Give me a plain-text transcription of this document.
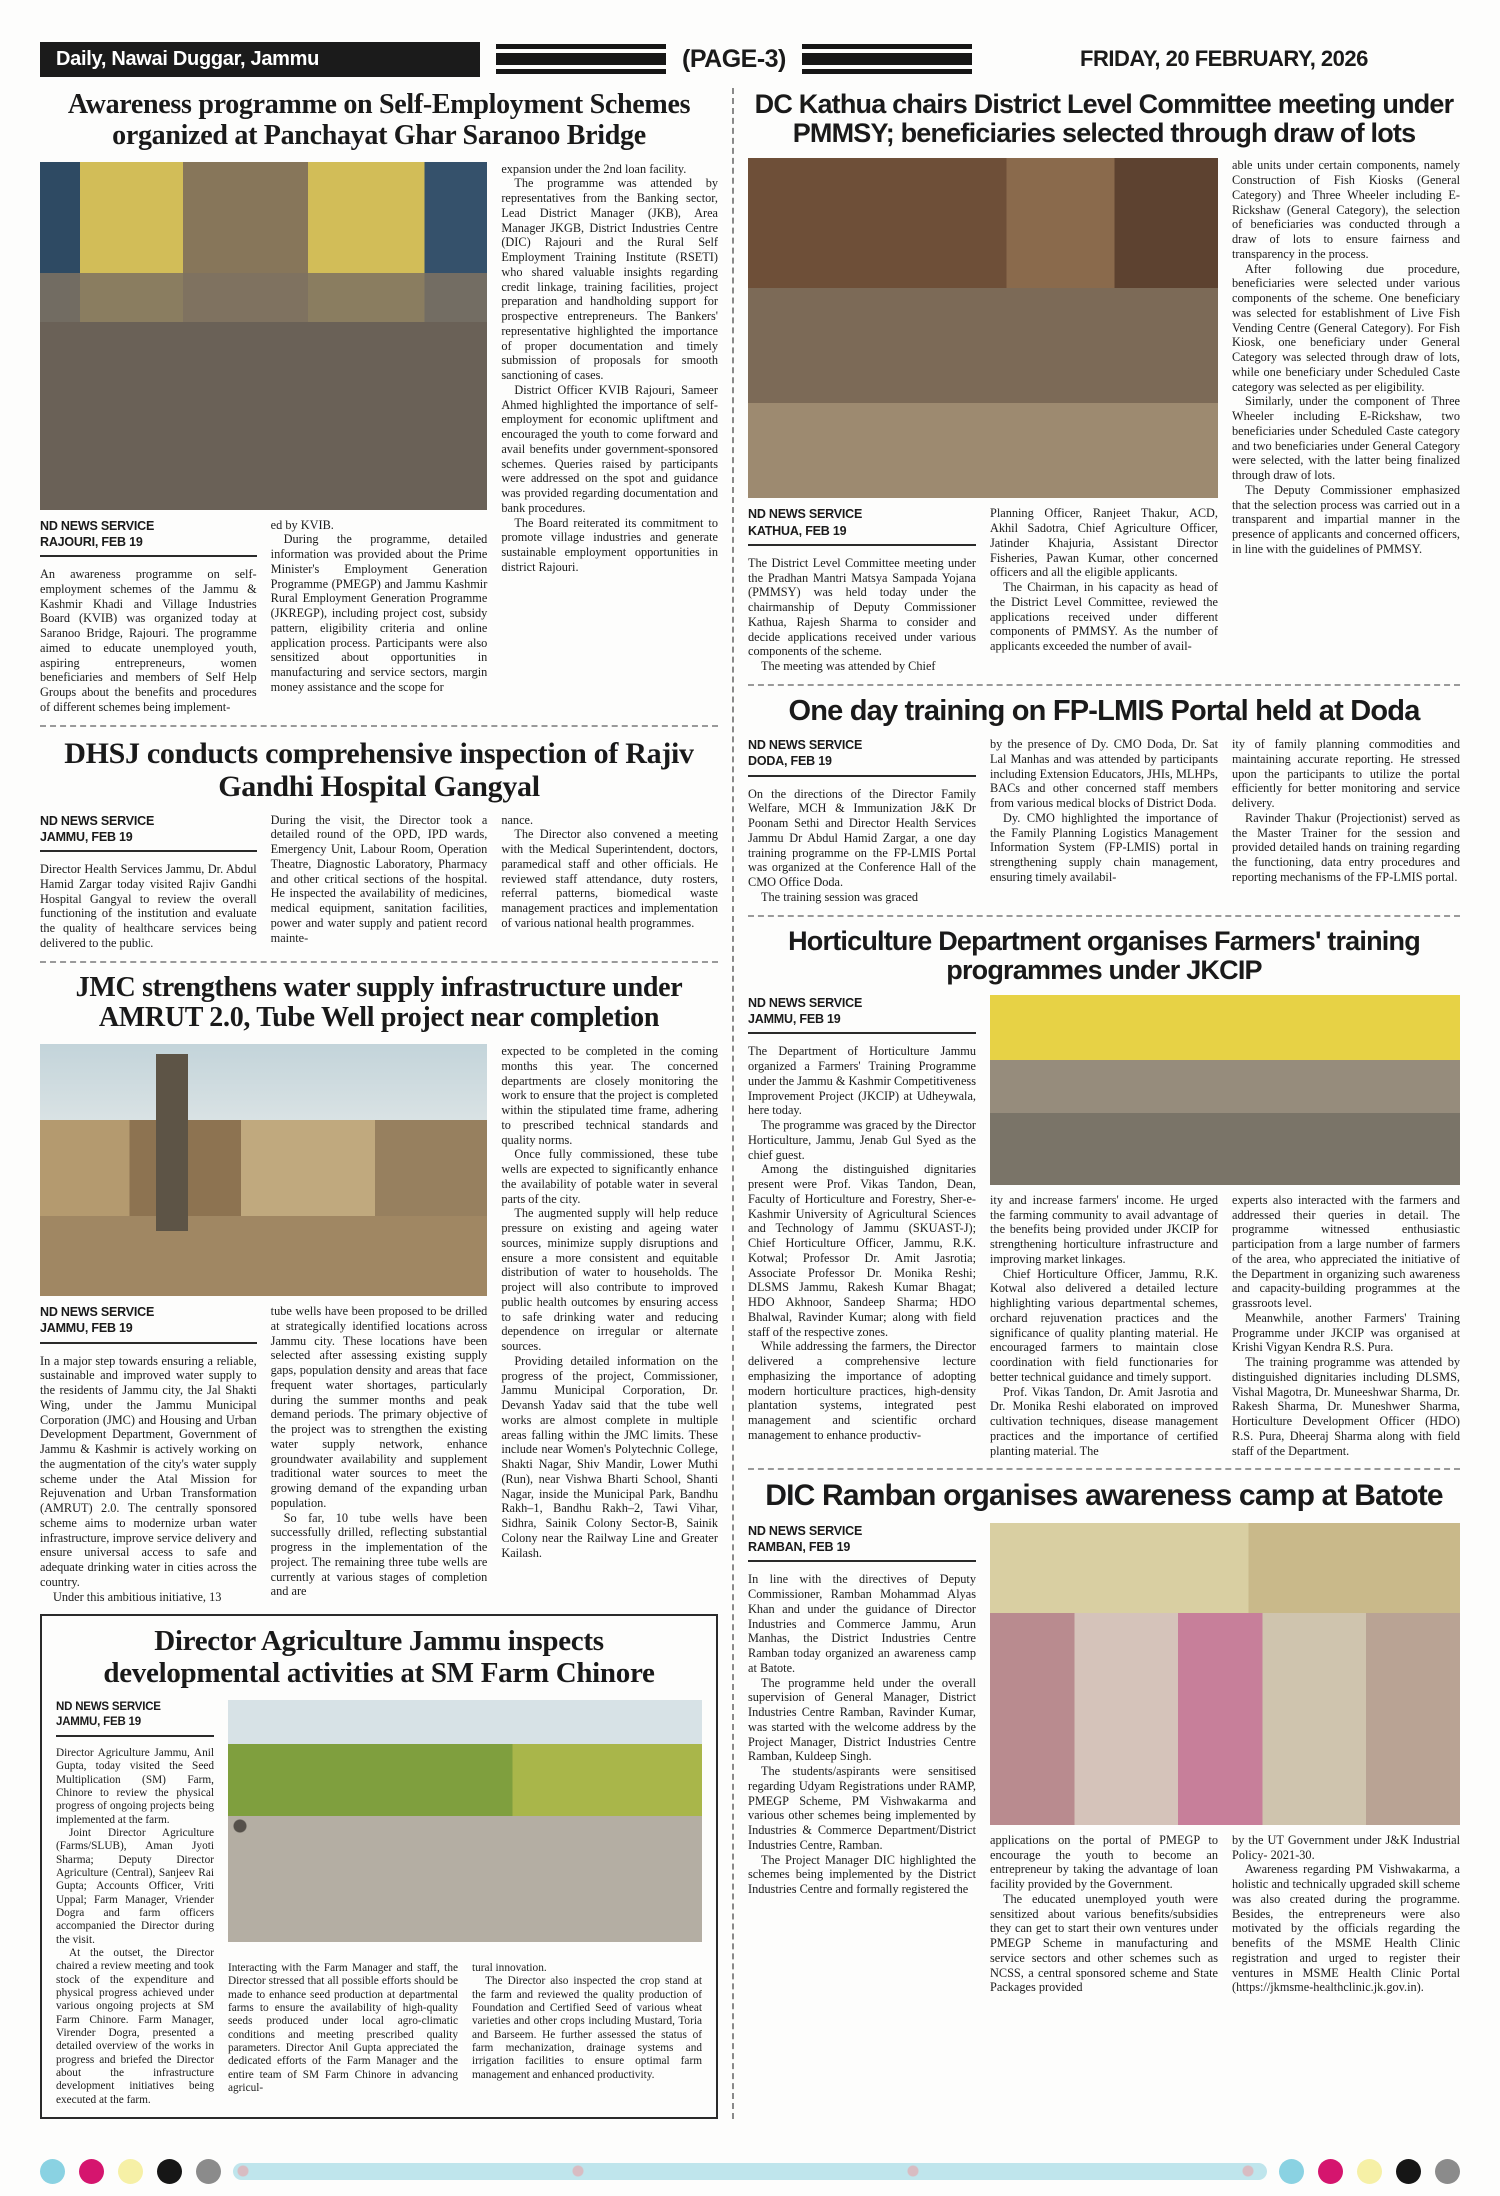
Daily, Nawai Duggar, Jammu	(PAGE-3)	FRIDAY, 20 FEBRUARY, 2026
Awareness programme on Self-Employment Schemes organized at Panchayat Ghar Saranoo Bridge
ND NEWS SERVICE
RAJOURI, FEB 19

An awareness programme on self-employment schemes of the Jammu & Kashmir Khadi and Village Industries Board (KVIB) was organized today at Saranoo Bridge, Rajouri. The programme aimed to educate unemployed youth, aspiring entrepreneurs, women beneficiaries and members of Self Help Groups about the benefits and procedures of different schemes being implement-

ed by KVIB.

During the programme, detailed information was provided about the Prime Minister's Employment Generation Programme (PMEGP) and Jammu Kashmir Rural Employment Generation Programme (JKREGP), including project cost, subsidy pattern, eligibility criteria and online application process. Participants were also sensitized about opportunities in manufacturing and service sectors, margin money assistance and the scope for

expansion under the 2nd loan facility.

The programme was attended by representatives from the Banking sector, Lead District Manager (JKB), Area Manager JKGB, District Industries Centre (DIC) Rajouri and the Rural Self Employment Training Institute (RSETI) who shared valuable insights regarding credit linkage, training facilities, project preparation and handholding support for prospective entrepreneurs. The Bankers' representative highlighted the importance of proper documentation and timely submission of proposals for smooth sanctioning of cases.

District Officer KVIB Rajouri, Sameer Ahmed highlighted the importance of self-employment for economic upliftment and encouraged the youth to come forward and avail benefits under government-sponsored schemes. Queries raised by participants were addressed on the spot and guidance was provided regarding documentation and bank procedures.

The Board reiterated its commitment to promote village industries and generate sustainable employment opportunities in district Rajouri.

DHSJ conducts comprehensive inspection of Rajiv Gandhi Hospital Gangyal
ND NEWS SERVICE
JAMMU, FEB 19

Director Health Services Jammu, Dr. Abdul Hamid Zargar today visited Rajiv Gandhi Hospital Gangyal to review the overall functioning of the institution and evaluate the quality of healthcare services being delivered to the public.

During the visit, the Director took a detailed round of the OPD, IPD wards, Emergency Unit, Labour Room, Operation Theatre, Diagnostic Laboratory, Pharmacy and other critical sections of the hospital. He inspected the availability of medicines, medical equipment, sanitation facilities, power and water supply and patient record mainte-

nance.

The Director also convened a meeting with the Medical Superintendent, doctors, paramedical staff and other officials. He reviewed staff attendance, duty rosters, referral patterns, biomedical waste management practices and implementation of various national health programmes.

JMC strengthens water supply infrastructure under AMRUT 2.0, Tube Well project near completion
ND NEWS SERVICE
JAMMU, FEB 19

In a major step towards ensuring a reliable, sustainable and improved water supply to the residents of Jammu city, the Jal Shakti Wing, under the Jammu Municipal Corporation (JMC) and Housing and Urban Development Department, Government of Jammu & Kashmir is actively working on the augmentation of the city's water supply scheme under the Atal Mission for Rejuvenation and Urban Transformation (AMRUT) 2.0. The centrally sponsored scheme aims to modernize urban water infrastructure, improve service delivery and ensure universal access to safe and adequate drinking water in cities across the country.

Under this ambitious initiative, 13

tube wells have been proposed to be drilled at strategically identified locations across Jammu city. These locations have been selected after assessing existing supply gaps, population density and areas that face frequent water shortages, particularly during the summer months and peak demand periods. The primary objective of the project was to strengthen the existing water supply network, enhance groundwater availability and supplement traditional water sources to meet the growing demand of the expanding urban population.

So far, 10 tube wells have been successfully drilled, reflecting substantial progress in the implementation of the project. The remaining three tube wells are currently at various stages of completion and are

expected to be completed in the coming months this year. The concerned departments are closely monitoring the work to ensure that the project is completed within the stipulated time frame, adhering to prescribed technical standards and quality norms.

Once fully commissioned, these tube wells are expected to significantly enhance the availability of potable water in several parts of the city.

The augmented supply will help reduce pressure on existing and ageing water sources, minimize supply disruptions and ensure a more consistent and equitable distribution of water to households. The project will also contribute to improved public health outcomes by ensuring access to safe drinking water and reducing dependence on irregular or alternate sources.

Providing detailed information on the progress of the project, Commissioner, Jammu Municipal Corporation, Dr. Devansh Yadav said that the tube well works are almost complete in multiple areas falling within the JMC limits. These include near Women's Polytechnic College, Shakti Nagar, Shiv Mandir, Lower Muthi (Run), near Vishwa Bharti School, Shanti Nagar, inside the Municipal Park, Bandhu Rakh–1, Bandhu Rakh–2, Tawi Vihar, Sidhra, Sainik Colony Sector-B, Sainik Colony near the Railway Line and Greater Kailash.

Director Agriculture Jammu inspects developmental activities at SM Farm Chinore
ND NEWS SERVICE
JAMMU, FEB 19

Director Agriculture Jammu, Anil Gupta, today visited the Seed Multiplication (SM) Farm, Chinore to review the physical progress of ongoing projects being implemented at the farm.

Joint Director Agriculture (Farms/SLUB), Aman Jyoti Sharma; Deputy Director Agriculture (Central), Sanjeev Rai Gupta; Accounts Officer, Vriti Uppal; Farm Manager, Vriender Dogra and farm officers accompanied the Director during the visit.

At the outset, the Director chaired a review meeting and took stock of the expenditure and physical progress achieved under various ongoing projects at SM Farm Chinore. Farm Manager, Virender Dogra, presented a detailed overview of the works in progress and briefed the Director about the infrastructure development initiatives being executed at the farm.

Interacting with the Farm Manager and staff, the Director stressed that all possible efforts should be made to enhance seed production at departmental farms to ensure the availability of high-quality seeds produced under local agro-climatic conditions and meeting prescribed quality parameters. Director Anil Gupta appreciated the dedicated efforts of the Farm Manager and the entire team of SM Farm Chinore in advancing agricul-

tural innovation.

The Director also inspected the crop stand at the farm and reviewed the quality production of Foundation and Certified Seed of various wheat varieties and other crops including Mustard, Toria and Barseem. He further assessed the status of farm mechanization, drainage systems and irrigation facilities to ensure optimal farm management and enhanced productivity.

DC Kathua chairs District Level Committee meeting under PMMSY; beneficiaries selected through draw of lots
ND NEWS SERVICE
KATHUA, FEB 19

The District Level Committee meeting under the Pradhan Mantri Matsya Sampada Yojana (PMMSY) was held today under the chairmanship of Deputy Commissioner Kathua, Rajesh Sharma to consider and decide applications received under various components of the scheme.

The meeting was attended by Chief

Planning Officer, Ranjeet Thakur, ACD, Akhil Sadotra, Chief Agriculture Officer, Jatinder Khajuria, Assistant Director Fisheries, Pawan Kumar, other concerned officers and all the eligible applicants.

The Chairman, in his capacity as head of the District Level Committee, reviewed the applications received under different components of PMMSY. As the number of applicants exceeded the number of avail-

able units under certain components, namely Construction of Fish Kiosks (General Category) and Three Wheeler including E-Rickshaw (General Category), the selection of beneficiaries was conducted through a draw of lots to ensure fairness and transparency in the process.

After following due procedure, beneficiaries were selected under various components of the scheme. One beneficiary was selected for establishment of Live Fish Vending Centre (General Category). For Fish Kiosk, one beneficiary under General Category was selected through draw of lots, while one beneficiary under Scheduled Caste category was selected as per eligibility.

Similarly, under the component of Three Wheeler including E-Rickshaw, two beneficiaries under Scheduled Caste category and two beneficiaries under General Category were selected, with the latter being finalized through draw of lots.

The Deputy Commissioner emphasized that the selection process was carried out in a transparent and impartial manner in the presence of applicants and concerned officers, in line with the guidelines of PMMSY.

One day training on FP-LMIS Portal held at Doda
ND NEWS SERVICE
DODA, FEB 19

On the directions of the Director Family Welfare, MCH & Immunization J&K Dr Poonam Sethi and Director Health Services Jammu Dr Abdul Hamid Zargar, a one day training programme on the FP-LMIS Portal was organized at the Conference Hall of the CMO Office Doda.

The training session was graced

by the presence of Dy. CMO Doda, Dr. Sat Lal Manhas and was attended by participants including Extension Educators, JHIs, MLHPs, BACs and other concerned staff members from various medical blocks of District Doda.

Dy. CMO highlighted the importance of the Family Planning Logistics Management Information System (FP-LMIS) portal in strengthening supply chain management, ensuring timely availabil-

ity of family planning commodities and maintaining accurate reporting. He stressed upon the participants to utilize the portal efficiently for better monitoring and service delivery.

Ravinder Thakur (Projectionist) served as the Master Trainer for the session and provided detailed hands on training regarding the functioning, data entry procedures and reporting mechanisms of the FP-LMIS portal.

Horticulture Department organises Farmers' training programmes under JKCIP
ND NEWS SERVICE
JAMMU, FEB 19

The Department of Horticulture Jammu organized a Farmers' Training Programme under the Jammu & Kashmir Competitiveness Improvement Project (JKCIP) at Udheywala, here today.

The programme was graced by the Director Horticulture, Jammu, Jenab Gul Syed as the chief guest.

Among the distinguished dignitaries present were Prof. Vikas Tandon, Dean, Faculty of Horticulture and Forestry, Sher-e-Kashmir University of Agricultural Sciences and Technology of Jammu (SKUAST-J); Chief Horticulture Officer, Jammu, R.K. Kotwal; Professor Dr. Amit Jasrotia; Associate Professor Dr. Monika Reshi; DLSMS Jammu, Rakesh Kumar Bhagat; HDO Akhnoor, Sandeep Sharma; HDO Bhalwal, Ravinder Kumar; along with field staff of the respective zones.

While addressing the farmers, the Director delivered a comprehensive lecture emphasizing the importance of adopting modern horticulture practices, high-density plantation systems, integrated pest management and scientific orchard management to enhance productiv-

ity and increase farmers' income. He urged the farming community to avail advantage of the benefits being provided under JKCIP for strengthening horticulture infrastructure and improving market linkages.

Chief Horticulture Officer, Jammu, R.K. Kotwal also delivered a detailed lecture highlighting various departmental schemes, orchard rejuvenation practices and the significance of quality planting material. He encouraged farmers to maintain close coordination with field functionaries for better technical guidance and timely support.

Prof. Vikas Tandon, Dr. Amit Jasrotia and Dr. Monika Reshi elaborated on improved cultivation techniques, disease management practices and the importance of certified planting material. The

experts also interacted with the farmers and addressed their queries in detail. The programme witnessed enthusiastic participation from a large number of farmers of the area, who appreciated the initiative of the Department in organizing such awareness and capacity-building programmes at the grassroots level.

Meanwhile, another Farmers' Training Programme under JKCIP was organised at Krishi Vigyan Kendra R.S. Pura.

The training programme was attended by distinguished dignitaries including DLSMS, Vishal Magotra, Dr. Muneeshwar Sharma, Dr. Rakesh Sharma, Dr. Muneshwer Sharma, Horticulture Development Officer (HDO) R.S. Pura, Dheeraj Sharma along with field staff of the Department.

DIC Ramban organises awareness camp at Batote
ND NEWS SERVICE
RAMBAN, FEB 19

In line with the directives of Deputy Commissioner, Ramban Mohammad Alyas Khan and under the guidance of Director Industries and Commerce Jammu, Arun Manhas, the District Industries Centre Ramban today organized an awareness camp at Batote.

The programme held under the overall supervision of General Manager, District Industries Centre Ramban, Ravinder Kumar, was started with the welcome address by the Project Manager, District Industries Centre Ramban, Kuldeep Singh.

The students/aspirants were sensitised regarding Udyam Registrations under RAMP, PMEGP Scheme, PM Vishwakarma and various other schemes being implemented by Industries & Commerce Department/District Industries Centre, Ramban.

The Project Manager DIC highlighted the schemes being implemented by the District Industries Centre and formally registered the

applications on the portal of PMEGP to encourage the youth to become an entrepreneur by taking the advantage of loan facility provided by the Government.

The educated unemployed youth were sensitized about various benefits/subsidies they can get to start their own ventures under PMEGP Scheme in manufacturing and service sectors and other schemes such as NCSS, a central sponsored scheme and State Packages provided

by the UT Government under J&K Industrial Policy- 2021-30.

Awareness regarding PM Vishwakarma, a holistic and technically upgraded skill scheme was also created during the programme. Besides, the entrepreneurs were also motivated by the officials regarding the benefits of the MSME Health Clinic registration and urged to register their ventures in MSME Health Clinic Portal (https://jkmsme-healthclinic.jk.gov.in).
